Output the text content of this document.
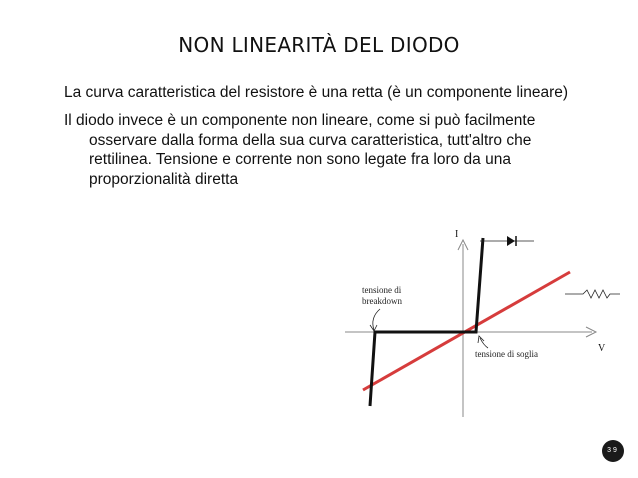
NON LINEARITÀ DEL DIODO

La curva caratteristica del resistore è una retta (è un componente lineare)

Il diodo invece è un componente non lineare, come si può facilmente osservare dalla forma della sua curva caratteristica, tutt'altro che rettilinea. Tensione e corrente non sono legate fra loro da una proporzionalità diretta

I
V
tensione di
breakdown
tensione di soglia
39
